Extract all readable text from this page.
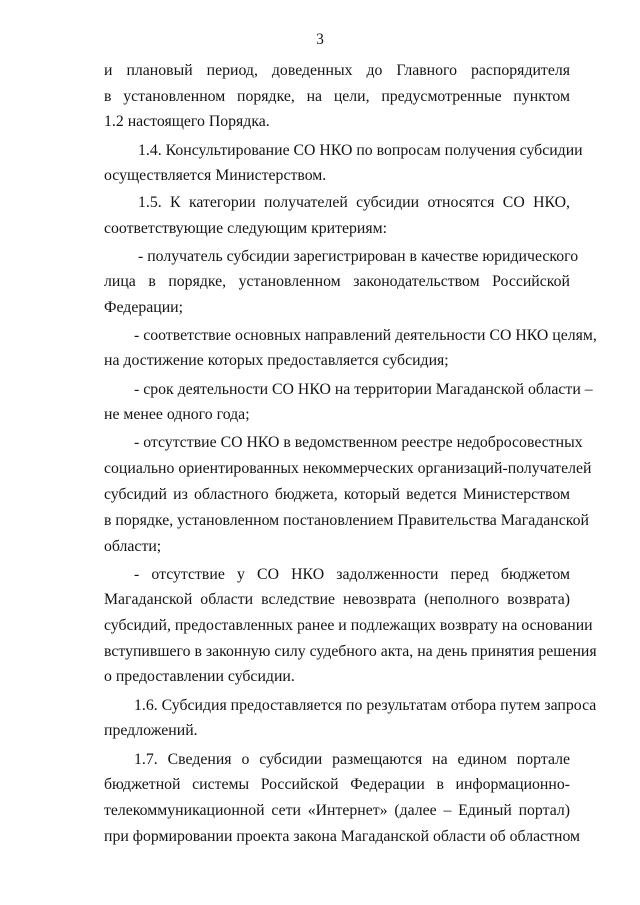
3
и плановый период, доведенных до Главного распорядителя
в установленном порядке, на цели, предусмотренные пунктом
1.2 настоящего Порядка.
1.4. Консультирование СО НКО по вопросам получения субсидии
осуществляется Министерством.
1.5. К категории получателей субсидии относятся СО НКО,
соответствующие следующим критериям:
- получатель субсидии зарегистрирован в качестве юридического
лица в порядке, установленном законодательством Российской
Федерации;
- соответствие основных направлений деятельности СО НКО целям,
на достижение которых предоставляется субсидия;
- срок деятельности СО НКО на территории Магаданской области –
не менее одного года;
- отсутствие СО НКО в ведомственном реестре недобросовестных
социально ориентированных некоммерческих организаций-получателей
субсидий из областного бюджета, который ведется Министерством
в порядке, установленном постановлением Правительства Магаданской
области;
- отсутствие у СО НКО задолженности перед бюджетом
Магаданской области вследствие невозврата (неполного возврата)
субсидий, предоставленных ранее и подлежащих возврату на основании
вступившего в законную силу судебного акта, на день принятия решения
о предоставлении субсидии.
1.6. Субсидия предоставляется по результатам отбора путем запроса
предложений.
1.7. Сведения о субсидии размещаются на едином портале
бюджетной системы Российской Федерации в информационно-
телекоммуникационной сети «Интернет» (далее – Единый портал)
при формировании проекта закона Магаданской области об областном
